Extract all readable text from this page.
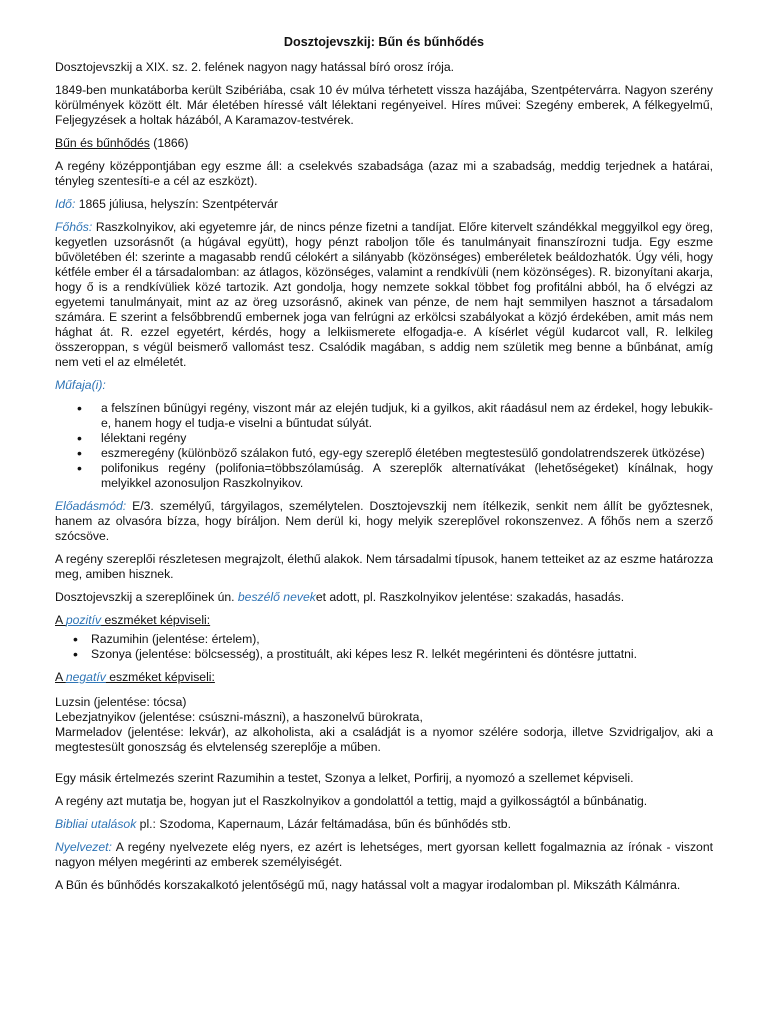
Dosztojevszkij: Bűn és bűnhődés

Dosztojevszkij a XIX. sz. 2. felének nagyon nagy hatással bíró orosz írója.

1849-ben munkatáborba került Szibériába, csak 10 év múlva térhetett vissza hazájába, Szentpétervárra. Nagyon szerény körülmények között élt. Már életében híressé vált lélektani regényeivel. Híres művei: Szegény emberek, A félkegyelmű, Feljegyzések a holtak házából, A Karamazov-testvérek.

Bűn és bűnhődés (1866)

A regény középpontjában egy eszme áll: a cselekvés szabadsága (azaz mi a szabadság, meddig terjednek a határai, tényleg szentesíti-e a cél az eszközt).

Idő: 1865 júliusa, helyszín: Szentpétervár

Főhős: Raszkolnyikov, aki egyetemre jár, de nincs pénze fizetni a tandíjat. Előre kitervelt szándékkal meggyilkol egy öreg, kegyetlen uzsorásnőt (a húgával együtt), hogy pénzt raboljon tőle és tanulmányait finanszírozni tudja. Egy eszme bűvöletében él: szerinte a magasabb rendű célokért a silányabb (közönséges) emberéletek beáldozhatók. Úgy véli, hogy kétféle ember él a társadalomban: az átlagos, közönséges, valamint a rendkívüli (nem közönséges). R. bizonyítani akarja, hogy ő is a rendkívüliek közé tartozik. Azt gondolja, hogy nemzete sokkal többet fog profitálni abból, ha ő elvégzi az egyetemi tanulmányait, mint az az öreg uzsorásnő, akinek van pénze, de nem hajt semmilyen hasznot a társadalom számára. E szerint a felsőbbrendű embernek joga van felrúgni az erkölcsi szabályokat a közjó érdekében, amit más nem hághat át. R. ezzel egyetért, kérdés, hogy a lelkiismerete elfogadja-e. A kísérlet végül kudarcot vall, R. lelkileg összeroppan, s végül beismerő vallomást tesz. Csalódik magában, s addig nem születik meg benne a bűnbánat, amíg nem veti el az elméletét.

Műfaja(i):

• a felszínen bűnügyi regény, viszont már az elején tudjuk, ki a gyilkos, akit ráadásul nem az érdekel, hogy lebukik-e, hanem hogy el tudja-e viselni a bűntudat súlyát.
• lélektani regény
• eszmeregény (különböző szálakon futó, egy-egy szereplő életében megtestesülő gondolatrendszerek ütközése)
• polifonikus regény (polifonia=többszólamúság. A szereplők alternatívákat (lehetőségeket) kínálnak, hogy melyikkel azonosuljon Raszkolnyikov.

Előadásmód: E/3. személyű, tárgyilagos, személytelen. Dosztojevszkij nem ítélkezik, senkit nem állít be győztesnek, hanem az olvasóra bízza, hogy bíráljon. Nem derül ki, hogy melyik szereplővel rokonszenvez. A főhős nem a szerző szócsöve.

A regény szereplői részletesen megrajzolt, élethű alakok. Nem társadalmi típusok, hanem tetteiket az az eszme határozza meg, amiben hisznek.

Dosztojevszkij a szereplőinek ún. beszélő neveket adott, pl. Raszkolnyikov jelentése: szakadás, hasadás.

A pozitív eszméket képviseli:

• Razumihin (jelentése: értelem),
• Szonya (jelentése: bölcsesség), a prostituált, aki képes lesz R. lelkét megérinteni és döntésre juttatni.

A negatív eszméket képviseli:

Luzsin (jelentése: tócsa)

Lebezjatnyikov (jelentése: csúszni-mászni), a haszonelvű bürokrata,

Marmeladov (jelentése: lekvár), az alkoholista, aki a családját is a nyomor szélére sodorja, illetve Szvidrigaljov, aki a megtestesült gonoszság és elvtelenség szereplője a műben.

Egy másik értelmezés szerint Razumihin a testet, Szonya a lelket, Porfirij, a nyomozó a szellemet képviseli.

A regény azt mutatja be, hogyan jut el Raszkolnyikov a gondolattól a tettig, majd a gyilkosságtól a bűnbánatig.

Bibliai utalások pl.: Szodoma, Kapernaum, Lázár feltámadása, bűn és bűnhődés stb.

Nyelvezet: A regény nyelvezete elég nyers, ez azért is lehetséges, mert gyorsan kellett fogalmaznia az írónak - viszont nagyon mélyen megérinti az emberek személyiségét.

A Bűn és bűnhődés korszakalkotó jelentőségű mű, nagy hatással volt a magyar irodalomban pl. Mikszáth Kálmánra.
